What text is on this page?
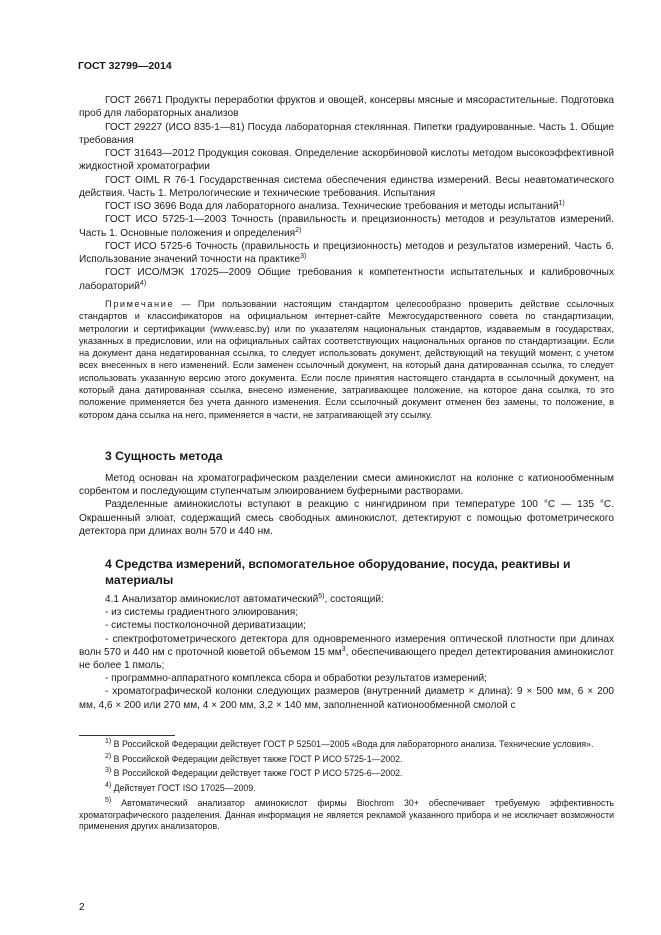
ГОСТ 32799—2014

ГОСТ 26671 Продукты переработки фруктов и овощей, консервы мясные и мясорастительные. Подготовка проб для лабораторных анализов

ГОСТ 29227 (ИСО 835-1—81) Посуда лабораторная стеклянная. Пипетки градуированные. Часть 1. Общие требования

ГОСТ 31643—2012 Продукция соковая. Определение аскорбиновой кислоты методом высокоэффективной жидкостной хроматографии

ГОСТ OIML R 76-1 Государственная система обеспечения единства измерений. Весы неавтоматического действия. Часть 1. Метрологические и технические требования. Испытания

ГОСТ ISO 3696 Вода для лабораторного анализа. Технические требования и методы испытаний$^{1)}$

ГОСТ ИСО 5725-1—2003 Точность (правильность и прецизионность) методов и результатов измерений. Часть 1. Основные положения и определения$^{2)}$

ГОСТ ИСО 5725-6 Точность (правильность и прецизионность) методов и результатов измерений. Часть 6. Использование значений точности на практике$^{3)}$

ГОСТ ИСО/МЭК 17025—2009 Общие требования к компетентности испытательных и калибровочных лабораторий$^{4)}$

Примечание — При пользовании настоящим стандартом целесообразно проверить действие ссылочных стандартов и классификаторов на официальном интернет-сайте Межгосударственного совета по стандартизации, метрологии и сертификации (www.easc.by) или по указателям национальных стандартов, издаваемым в государствах, указанных в предисловии, или на официальных сайтах соответствующих национальных органов по стандартизации. Если на документ дана недатированная ссылка, то следует использовать документ, действующий на текущий момент, с учетом всех внесенных в него изменений. Если заменен ссылочный документ, на который дана датированная ссылка, то следует использовать указанную версию этого документа. Если после принятия настоящего стандарта в ссылочный документ, на который дана датированная ссылка, внесено изменение, затрагивающее положение, на которое дана ссылка, то это положение применяется без учета данного изменения. Если ссылочный документ отменен без замены, то положение, в котором дана ссылка на него, применяется в части, не затрагивающей эту ссылку.

3 Сущность метода

Метод основан на хроматографическом разделении смеси аминокислот на колонке с катионообменным сорбентом и последующим ступенчатым элюированием буферными растворами.

Разделенные аминокислоты вступают в реакцию с нингидрином при температуре 100 °С — 135 °С. Окрашенный элюат, содержащий смесь свободных аминокислот, детектируют с помощью фотометрического детектора при длинах волн 570 и 440 нм.

4 Средства измерений, вспомогательное оборудование, посуда, реактивы и материалы

4.1 Анализатор аминокислот автоматический$^{5)}$, состоящий:

- из системы градиентного элюирования;

- системы постколоночной дериватизации;

- спектрофотометрического детектора для одновременного измерения оптической плотности при длинах волн 570 и 440 нм с проточной кюветой объемом 15 $мм^3$, обеспечивающего предел детектирования аминокислот не более 1 пмоль;

- программно-аппаратного комплекса сбора и обработки результатов измерений;

- хроматографической колонки следующих размеров (внутренний диаметр × длина): 9 × 500 мм, 6 × 200 мм, 4,6 × 200 или 270 мм, 4 × 200 мм, 3,2 × 140 мм, заполненной катионообменной смолой с

$^{1)}$ В Российской Федерации действует ГОСТ Р 52501—2005 «Вода для лабораторного анализа. Технические условия».

$^{2)}$ В Российской Федерации действует также ГОСТ Р ИСО 5725-1—2002.

$^{3)}$ В Российской Федерации действует также ГОСТ Р ИСО 5725-6—2002.

$^{4)}$ Действует ГОСТ ISO 17025—2009.

$^{5)}$ Автоматический анализатор аминокислот фирмы Biochrom 30+ обеспечивает требуемую эффективность хроматографического разделения. Данная информация не является рекламой указанного прибора и не исключает возможности применения других анализаторов.

2
